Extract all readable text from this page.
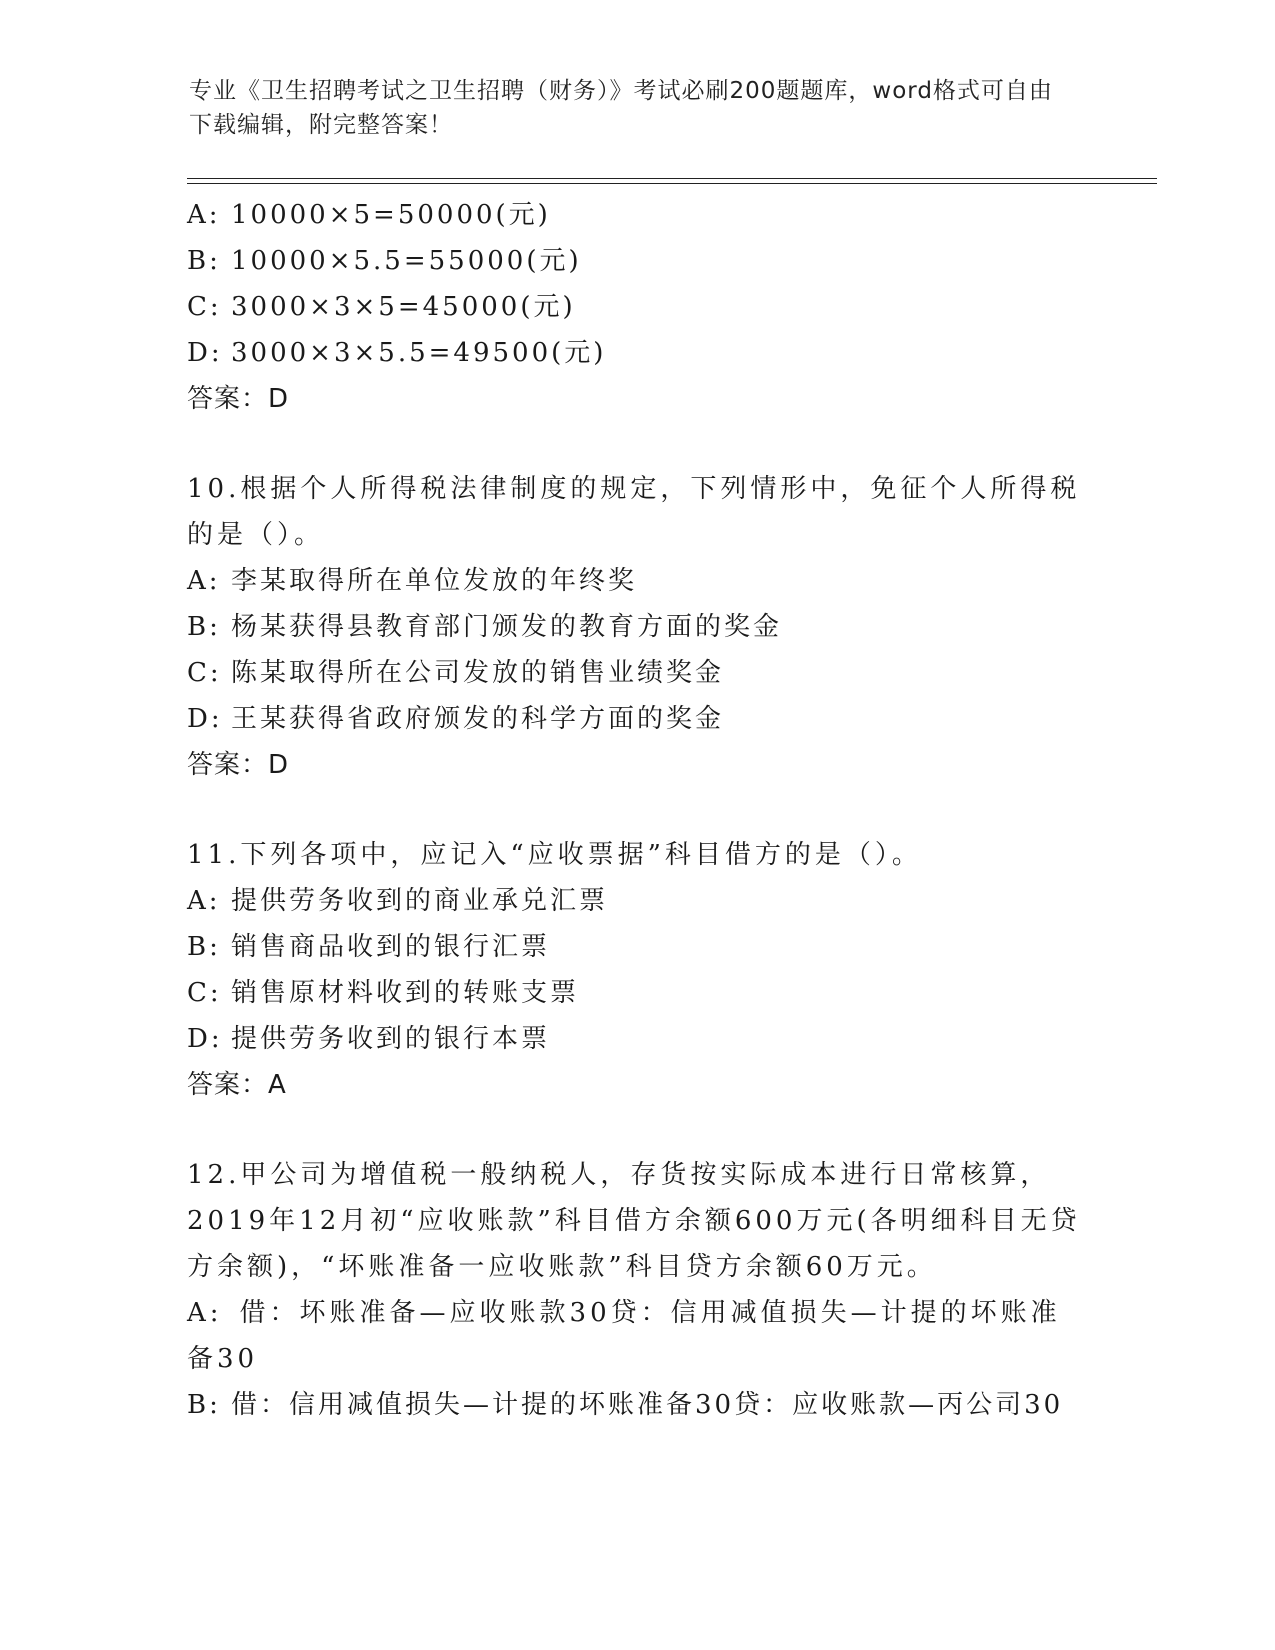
专业《卫生招聘考试之卫生招聘（财务）》考试必刷200题题库，word格式可自由下载编辑，附完整答案！
A: 10000×5=50000(元)
B: 10000×5.5=55000(元)
C: 3000×3×5=45000(元)
D: 3000×3×5.5=49500(元)
答案：D
10.根据个人所得税法律制度的规定，下列情形中，免征个人所得税的是（）。
A: 李某取得所在单位发放的年终奖
B: 杨某获得县教育部门颁发的教育方面的奖金
C: 陈某取得所在公司发放的销售业绩奖金
D: 王某获得省政府颁发的科学方面的奖金
答案：D
11.下列各项中，应记入“应收票据”科目借方的是（）。
A: 提供劳务收到的商业承兑汇票
B: 销售商品收到的银行汇票
C: 销售原材料收到的转账支票
D: 提供劳务收到的银行本票
答案：A
12.甲公司为增值税一般纳税人，存货按实际成本进行日常核算，2019年12月初“应收账款”科目借方余额600万元(各明细科目无贷方余额)，“坏账准备一应收账款”科目贷方余额60万元。
A:  借：坏账准备—应收账款30贷：信用减值损失—计提的坏账准备30
B: 借：信用减值损失—计提的坏账准备30贷：应收账款—丙公司30
